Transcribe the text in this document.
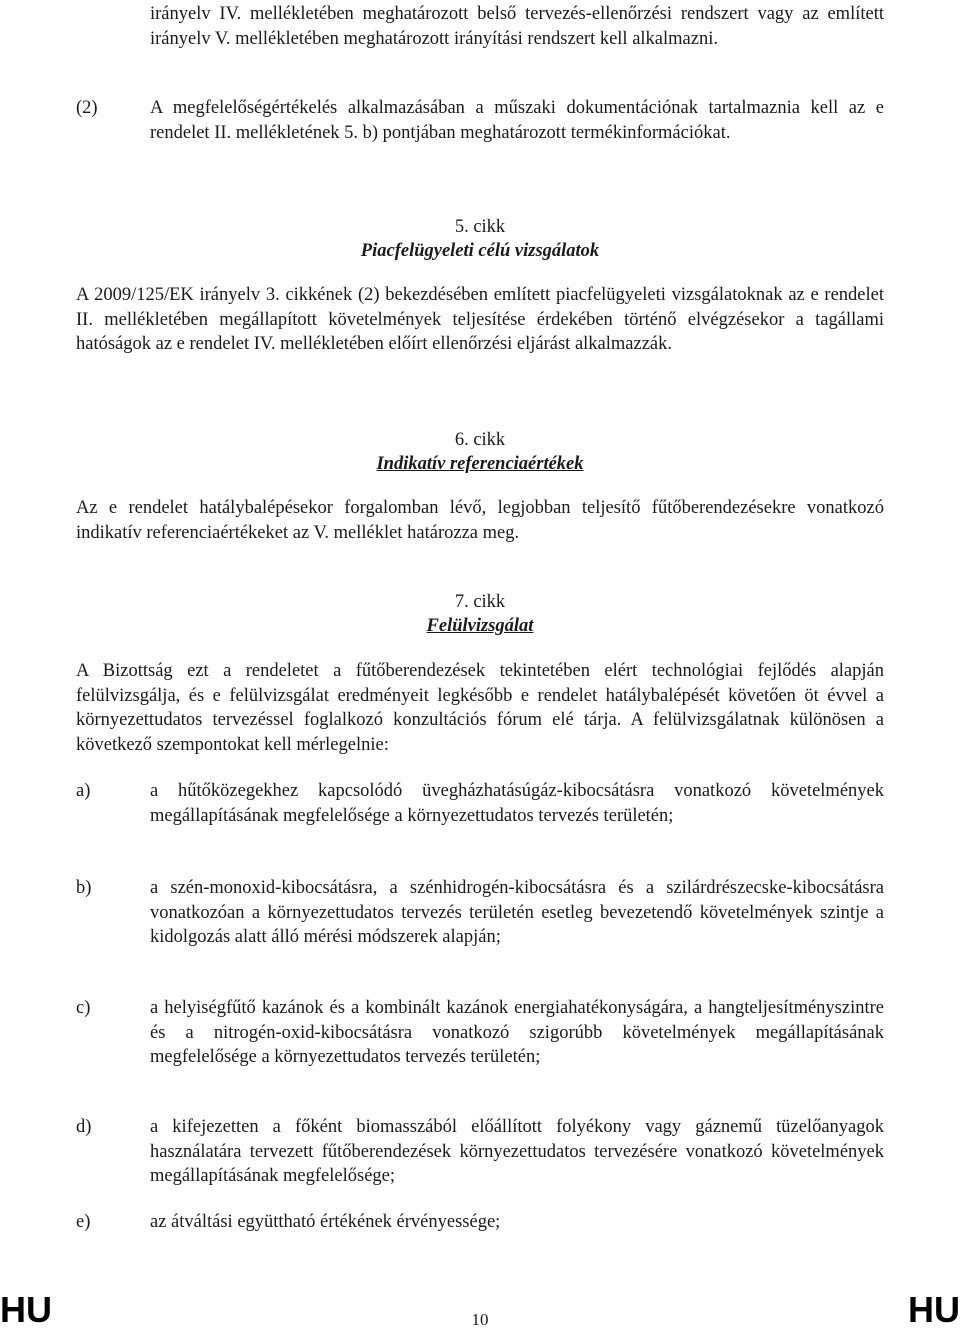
irányelv IV. mellékletében meghatározott belső tervezés-ellenőrzési rendszert vagy az említett irányelv V. mellékletében meghatározott irányítási rendszert kell alkalmazni.

(2)	A megfelelőségértékelés alkalmazásában a műszaki dokumentációnak tartalmaznia kell az e rendelet II. mellékletének 5. b) pontjában meghatározott termékinformációkat.

5. cikk

Piacfelügyeleti célú vizsgálatok

A 2009/125/EK irányelv 3. cikkének (2) bekezdésében említett piacfelügyeleti vizsgálatoknak az e rendelet II. mellékletében megállapított követelmények teljesítése érdekében történő elvégzésekor a tagállami hatóságok az e rendelet IV. mellékletében előírt ellenőrzési eljárást alkalmazzák.

6. cikk

Indikatív referenciaértékek

Az e rendelet hatálybalépésekor forgalomban lévő, legjobban teljesítő fűtőberendezésekre vonatkozó indikatív referenciaértékeket az V. melléklet határozza meg.

7. cikk

Felülvizsgálat

A Bizottság ezt a rendeletet a fűtőberendezések tekintetében elért technológiai fejlődés alapján felülvizsgálja, és e felülvizsgálat eredményeit legkésőbb e rendelet hatálybalépését követően öt évvel a környezettudatos tervezéssel foglalkozó konzultációs fórum elé tárja. A felülvizsgálatnak különösen a következő szempontokat kell mérlegelnie:

a)	a hűtőközegekhez kapcsolódó üvegházhatásúgáz-kibocsátásra vonatkozó követelmények megállapításának megfelelősége a környezettudatos tervezés területén;

b)	a szén-monoxid-kibocsátásra, a szénhidrogén-kibocsátásra és a szilárdrészecske-kibocsátásra vonatkozóan a környezettudatos tervezés területén esetleg bevezetendő követelmények szintje a kidolgozás alatt álló mérési módszerek alapján;

c)	a helyiségfűtő kazánok és a kombinált kazánok energiahatékonyságára, a hangteljesítményszintre és a nitrogén-oxid-kibocsátásra vonatkozó szigorúbb követelmények megállapításának megfelelősége a környezettudatos tervezés területén;

d)	a kifejezetten a főként biomasszából előállított folyékony vagy gáznemű tüzelőanyagok használatára tervezett fűtőberendezések környezettudatos tervezésére vonatkozó követelmények megállapításának megfelelősége;

e)	az átváltási együttható értékének érvényessége;

HU	10	HU
